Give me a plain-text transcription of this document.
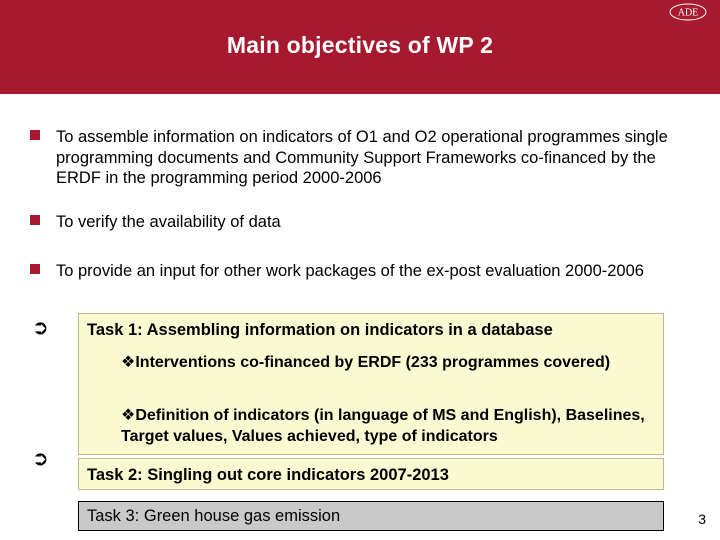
ADE
Main objectives of WP 2
To assemble information on indicators of O1 and O2 operational programmes single programming documents and Community Support Frameworks co-financed by the ERDF in the programming period 2000-2006
To verify the availability of data
To provide an input for other work packages of the ex-post evaluation 2000-2006
➲ Task 1: Assembling information on indicators in a database
❖Interventions co-financed by ERDF (233 programmes covered)
❖Definition of indicators (in language of MS and English), Baselines, Target values, Values achieved, type of indicators
➲
Task 2: Singling out core indicators 2007-2013
Task 3: Green house gas emission	3
